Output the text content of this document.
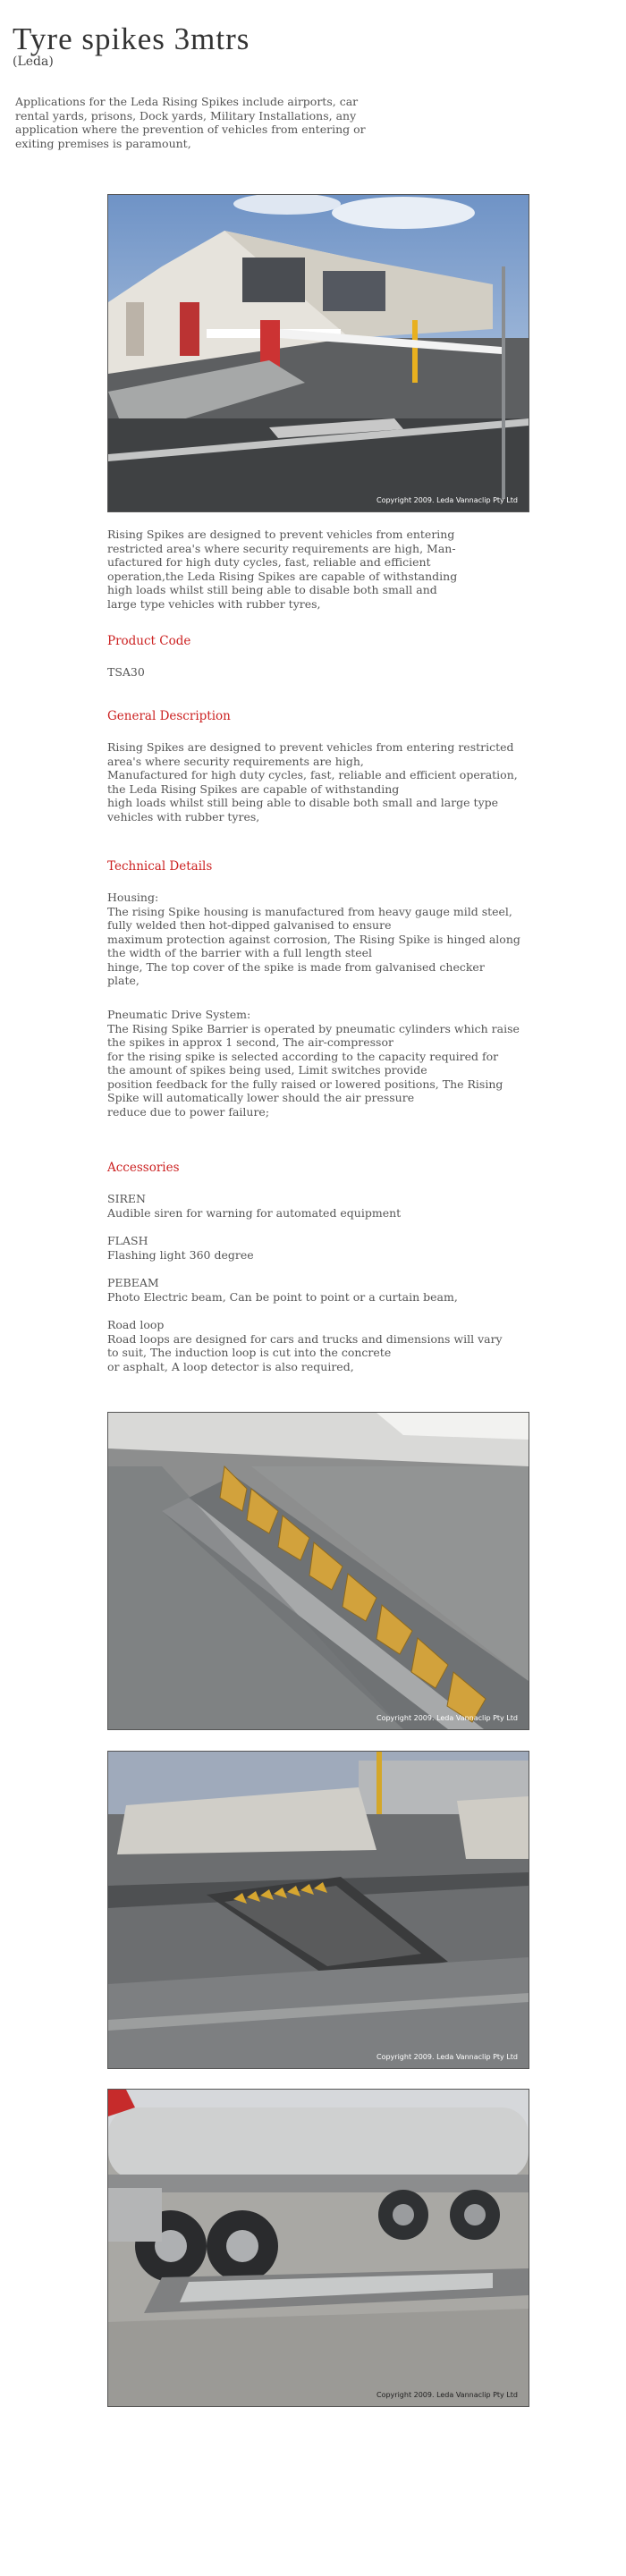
Tyre spikes 3mtrs
(Leda)
Applications for the Leda Rising Spikes include airports, car
rental yards, prisons, Dock yards, Military Installations, any
application where the prevention of vehicles from entering or
exiting premises is paramount,
Copyright 2009. Leda Vannaclip Pty Ltd
Rising Spikes are designed to prevent vehicles from entering
restricted area's where security requirements are high, Man-
ufactured for high duty cycles, fast, reliable and efficient
operation,the Leda Rising Spikes are capable of withstanding
high loads whilst still being able to disable both small and
large type vehicles with rubber tyres,
Product Code
TSA30
General Description
Rising Spikes are designed to prevent vehicles from entering restricted
area's where security requirements are high,
Manufactured for high duty cycles, fast, reliable and efficient operation,
the Leda Rising Spikes are capable of withstanding
high loads whilst still being able to disable both small and large type
vehicles with rubber tyres,
Technical Details
Housing:
The rising Spike housing is manufactured from heavy gauge mild steel,
fully welded then hot-dipped galvanised to ensure
maximum protection against corrosion, The Rising Spike is hinged along
the width of the barrier with a full length steel
hinge, The top cover of the spike is made from galvanised checker
plate,
Pneumatic Drive System:
The Rising Spike Barrier is operated by pneumatic cylinders which raise
the spikes in approx 1 second, The air-compressor
for the rising spike is selected according to the capacity required for
the amount of spikes being used, Limit switches provide
position feedback for the fully raised or lowered positions, The Rising
Spike will automatically lower should the air pressure
reduce due to power failure;
Accessories
SIREN
Audible siren for warning for automated equipment
FLASH
Flashing light 360 degree
PEBEAM
Photo Electric beam, Can be point to point or a curtain beam,
Road loop
Road loops are designed for cars and trucks and dimensions will vary
to suit, The induction loop is cut into the concrete
or asphalt, A loop detector is also required,
Copyright 2009. Leda Vannaclip Pty Ltd
Copyright 2009. Leda Vannaclip Pty Ltd
Copyright 2009. Leda Vannaclip Pty Ltd
